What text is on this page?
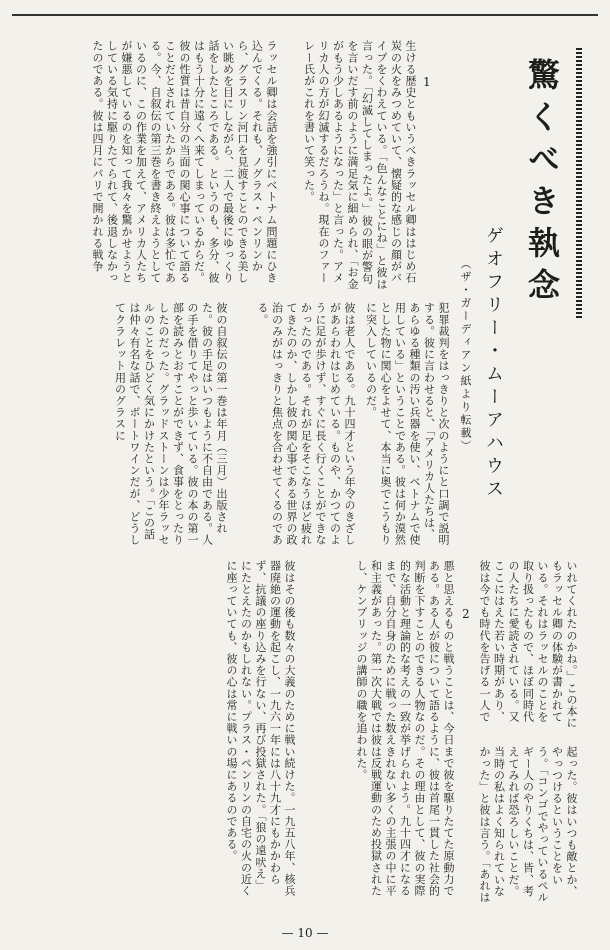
驚くべき執念
ゲオフリー・ムーアハウス
（ザ・ガーディアン紙より転載）
1
生ける歴史ともいうべきラッセル卿ははじめ石炭の火をみつめていて、懐疑的な感じの顔がパイプをくわえている。「色んなことにね」と彼は言った。「幻滅してしまったよ。」彼の眼が警句を言いだす前のように満足気に細められ、「お金がもう少しあるようになった」と言った。アメリカ人の方が幻滅するだろうね。現在のファーレー氏がこれを書いて笑った。
ラッセル卿は会話を強引にベトナム問題にひき込んでくる。それも、ノグラス・ペンリンから、グラスリン河口を見渡すことのできる美しい眺めを目にしながら、二人で最後にゆっくり話をしたところである。というのも、多分、彼はもう十分に遠くへ来てしまっているからだ。彼の性質は昔自分の当面の関心事について語ることだとされていたからである。彼は多忙である。今、自叙伝の第三巻を書き終えようとしているのに、この作業を加えて、アメリカ人たちが嫌悪しているのを知って我々を驚かせようとしている気持に駆りたてられて、後退しなかったのである。彼は四月にパリで開かれる戦争
犯罪裁判をはっきりと次のようにと口調で説明する。彼に言わせると、「アメリカ人たちは、あらゆる種類の汚い兵器を使い、ベトナムで使用している」ということである。彼は何か漠然とした物に関心をよせて、本当に奥でこうもりに突入しているのだ。
彼は老人である。九十四才という年令のきざしがあらわれはじめている。ものや、かつてのように足が歩けず、すぐに長く行くことができなかったのである。それが足をそこなうほど疲れてきたのか、しかし彼の関心事である世界の政治のみがはっきりと焦点を合わせてくるのである。
彼の自叙伝の第一巻は年月（三月）出版された。彼の手足はいつもように不自由である。人の手を借りてやっと歩いている。彼の本の第一部を読みとおすことができず、食事をとったりしたのだった。グラッドストーンは少年ラッセルのことをひどく気にかけたという。「この話は仲々有名な話で、ボートワインだが、どうしてクラレット用のグラスに
いれてくれたのかね。」この本にもラッセル卿の体験が書かれている。それはラッセルのことを取り扱ったもので、ほぼ同時代の人たちに愛読されている。又ここにはえた若い時期があり、彼は今でも時代を告げる一人で
2
悪と思えるものと戦うことは、今日まで彼を駆りたてた原動力である。ある人が彼について語るように、彼は首尾一貫した社会的判断を下すことのできる人物なのだ。その理由として、彼の実際的な活動と理論的な考えの一致が挙げられよう。九十四才になるまで、自分自身のために戦った数えきれない多くの主張の中に平和主義があった。第一次大戦では彼は反戦運動のため投獄されたし、ケンブリッジの講師の職を追われた。
彼はその後も数々の大義のために戦い続けた。一九五八年、核兵器廃絶の運動を起こし、一九六一年には八十九才にもかかわらず、抗議の座り込みを行ない、再び投獄された。「狼の遠吠え」にたとえたのかもしれない。プラス・ペンリンの自宅の火の近くに座っていても、彼の心は常に戦いの場にあるのである。	起った。彼はいつも敵とか、やっつけるということをいう。「コンゴでやっているペルギー人のやりくちは、皆、考えてみれば恐ろしいことだ。当時の私はよく知られていなかった」と彼は言う。「あれは
— 10 —
